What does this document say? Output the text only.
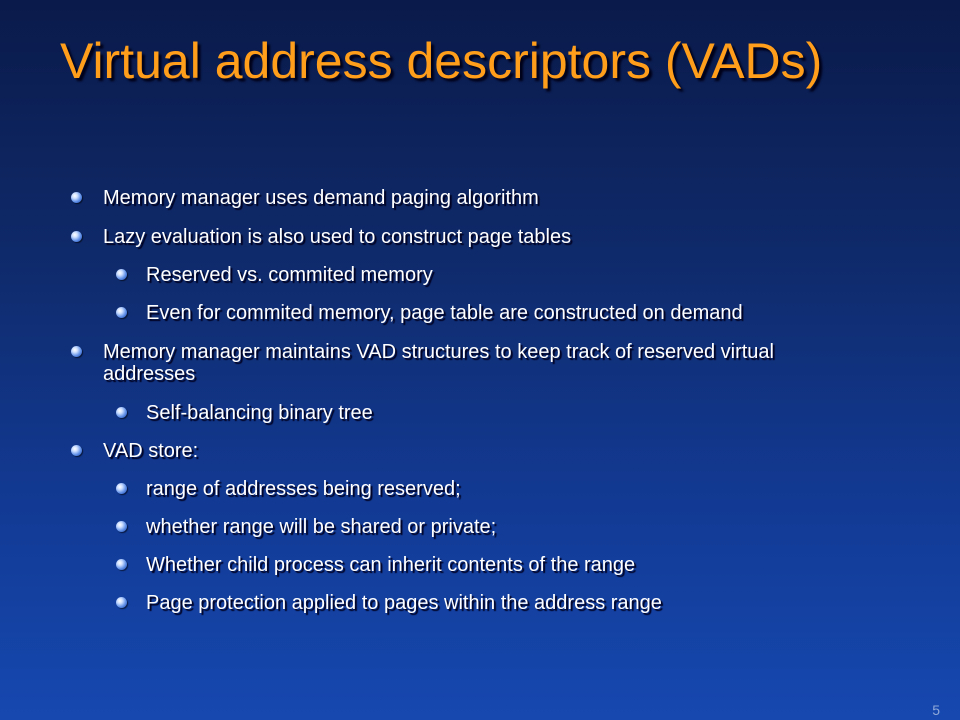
Virtual address descriptors (VADs)
Memory manager uses demand paging algorithm
Lazy evaluation is also used to construct page tables
Reserved vs. commited memory
Even for commited memory, page table are constructed on demand
Memory manager maintains VAD structures to keep track of reserved virtual addresses
Self-balancing binary tree
VAD store:
range of addresses being reserved;
whether range will be shared or private;
Whether child process can inherit contents of the range
Page protection applied to pages within the address range
5
